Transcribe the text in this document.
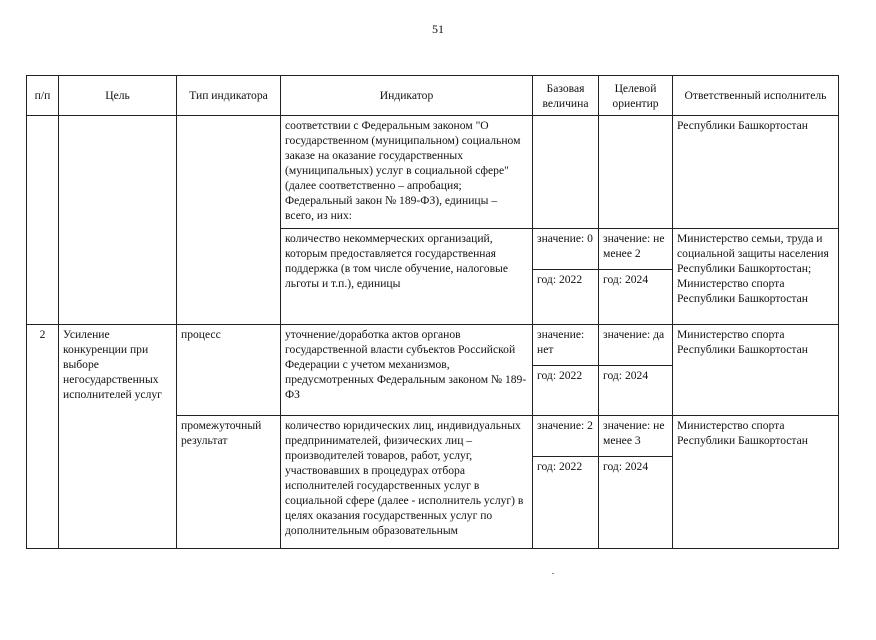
51
п/п	Цель	Тип индикатора	Индикатор	Базовая величина	Целевой ориентир	Ответственный исполнитель
			соответствии с Федеральным законом "О государственном (муниципальном) социальном заказе на оказание государственных (муниципальных) услуг в социальной сфере" (далее соответственно – апробация; Федеральный закон № 189-ФЗ), единицы – всего, из них:			Республики Башкортостан
			количество некоммерческих организаций, которым предоставляется государственная поддержка (в том числе обучение, налоговые льготы и т.п.), единицы	значение: 0	значение: не менее 2	Министерство семьи, труда и социальной защиты населения Республики Башкортостан; Министерство спорта Республики Башкортостан
				год: 2022	год: 2024	
2	Усиление конкуренции при выборе негосударственных исполнителей услуг	процесс	уточнение/доработка актов органов государственной власти субъектов Российской Федерации с учетом механизмов, предусмотренных Федеральным законом № 189-ФЗ	значение: нет	значение: да	Министерство спорта Республики Башкортостан
				год: 2022	год: 2024	
		промежуточный результат	количество юридических лиц, индивидуальных предпринимателей, физических лиц – производителей товаров, работ, услуг, участвовавших в процедурах отбора исполнителей государственных услуг в социальной сфере (далее - исполнитель услуг) в целях оказания государственных услуг по дополнительным образовательным	значение: 2	значение: не менее 3	Министерство спорта Республики Башкортостан
				год: 2022	год: 2024	
